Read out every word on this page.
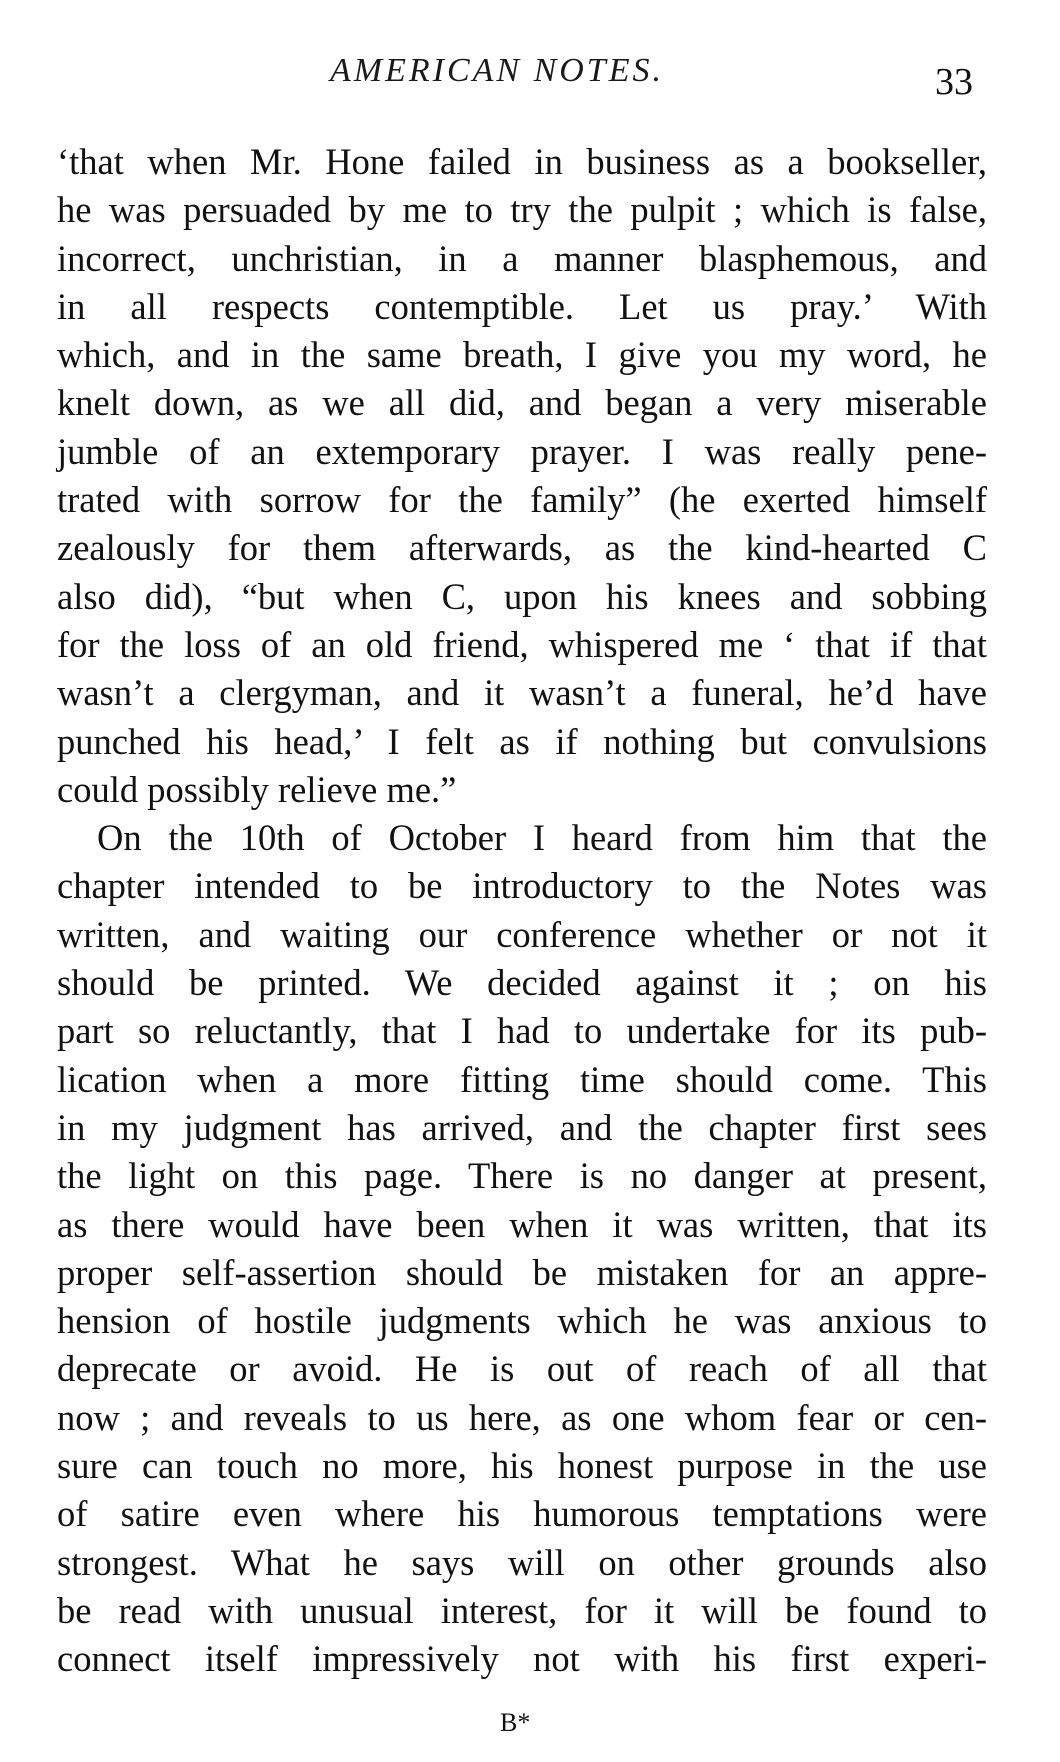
AMERICAN NOTES.	33
‘that when Mr. Hone failed in business as a bookseller,
he was persuaded by me to try the pulpit ; which is false,
incorrect, unchristian, in a manner blasphemous, and
in all respects contemptible. Let us pray.’ With
which, and in the same breath, I give you my word, he
knelt down, as we all did, and began a very miserable
jumble of an extemporary prayer. I was really pene-
trated with sorrow for the family” (he exerted himself
zealously for them afterwards, as the kind-hearted C
also did), “but when C, upon his knees and sobbing
for the loss of an old friend, whispered me ‘ that if that
wasn’t a clergyman, and it wasn’t a funeral, he’d have
punched his head,’ I felt as if nothing but convulsions
could possibly relieve me.”
On the 10th of October I heard from him that the
chapter intended to be introductory to the Notes was
written, and waiting our conference whether or not it
should be printed. We decided against it ; on his
part so reluctantly, that I had to undertake for its pub-
lication when a more fitting time should come. This
in my judgment has arrived, and the chapter first sees
the light on this page. There is no danger at present,
as there would have been when it was written, that its
proper self-assertion should be mistaken for an appre-
hension of hostile judgments which he was anxious to
deprecate or avoid. He is out of reach of all that
now ; and reveals to us here, as one whom fear or cen-
sure can touch no more, his honest purpose in the use
of satire even where his humorous temptations were
strongest. What he says will on other grounds also
be read with unusual interest, for it will be found to
connect itself impressively not with his first experi-
B*
